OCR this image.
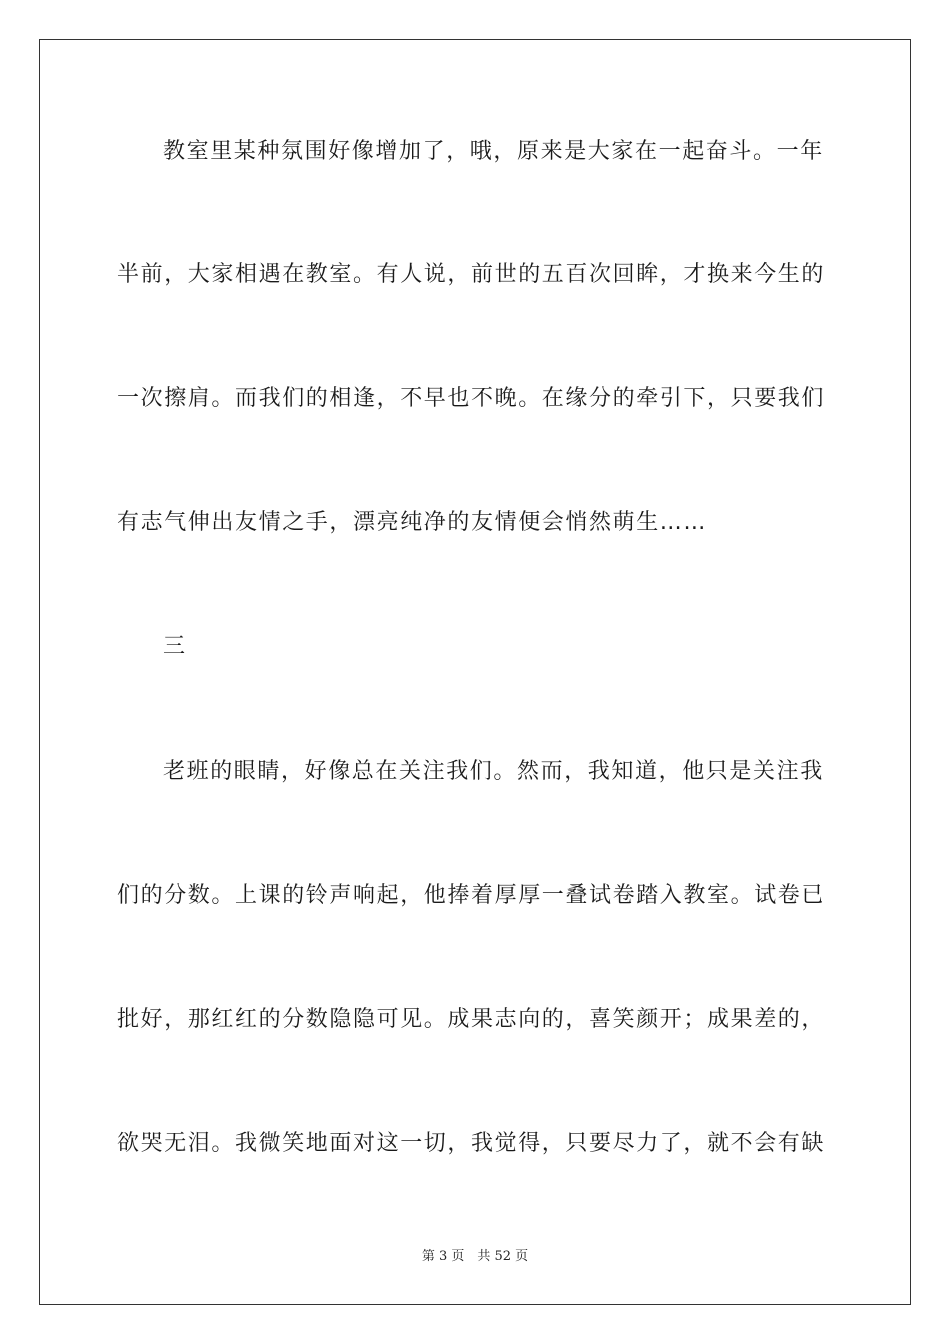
教室里某种氛围好像增加了，哦，原来是大家在一起奋斗。一年
半前，大家相遇在教室。有人说，前世的五百次回眸，才换来今生的
一次擦肩。而我们的相逢，不早也不晚。在缘分的牵引下，只要我们
有志气伸出友情之手，漂亮纯净的友情便会悄然萌生……
三
老班的眼睛，好像总在关注我们。然而，我知道，他只是关注我
们的分数。上课的铃声响起，他捧着厚厚一叠试卷踏入教室。试卷已
批好，那红红的分数隐隐可见。成果志向的，喜笑颜开；成果差的，
欲哭无泪。我微笑地面对这一切，我觉得，只要尽力了，就不会有缺
第 3 页　共 52 页
